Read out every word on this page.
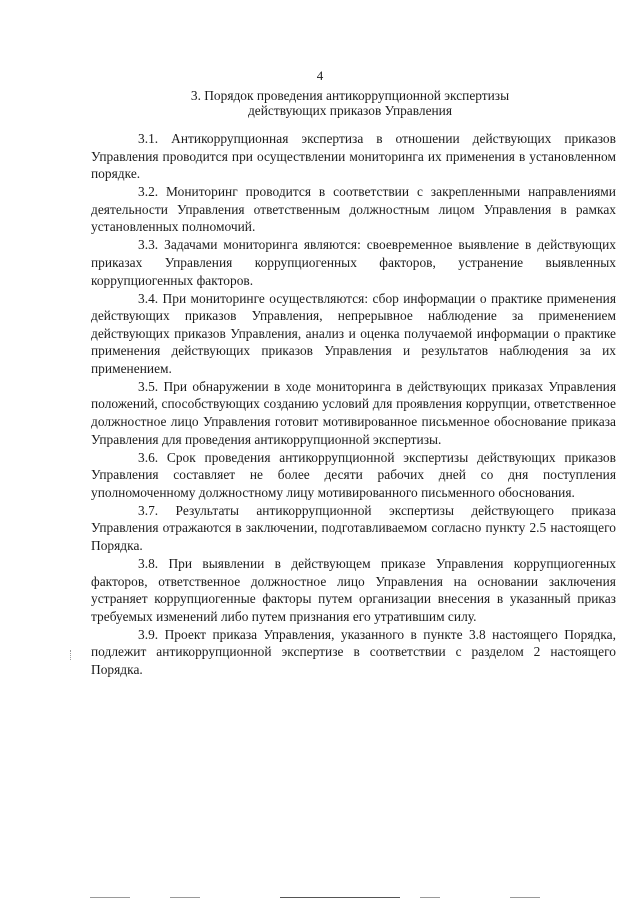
4
3. Порядок проведения антикоррупционной экспертизы
действующих приказов Управления

3.1. Антикоррупционная экспертиза в отношении действующих приказов Управления проводится при осуществлении мониторинга их применения в установленном порядке.

3.2. Мониторинг проводится в соответствии с закрепленными направлениями деятельности Управления ответственным должностным лицом Управления в рамках установленных полномочий.

3.3. Задачами мониторинга являются: своевременное выявление в действующих приказах Управления коррупциогенных факторов, устранение выявленных коррупциогенных факторов.

3.4. При мониторинге осуществляются: сбор информации о практике применения действующих приказов Управления, непрерывное наблюдение за применением действующих приказов Управления, анализ и оценка получаемой информации о практике применения действующих приказов Управления и результатов наблюдения за их применением.

3.5. При обнаружении в ходе мониторинга в действующих приказах Управления положений, способствующих созданию условий для проявления коррупции, ответственное должностное лицо Управления готовит мотивированное письменное обоснование приказа Управления для проведения антикоррупционной экспертизы.

3.6. Срок проведения антикоррупционной экспертизы действующих приказов Управления составляет не более десяти рабочих дней со дня поступления уполномоченному должностному лицу мотивированного письменного обоснования.

3.7. Результаты антикоррупционной экспертизы действующего приказа Управления отражаются в заключении, подготавливаемом согласно пункту 2.5 настоящего Порядка.

3.8. При выявлении в действующем приказе Управления коррупциогенных факторов, ответственное должностное лицо Управления на основании заключения устраняет коррупциогенные факторы путем организации внесения в указанный приказ требуемых изменений либо путем признания его утратившим силу.

3.9. Проект приказа Управления, указанного в пункте 3.8 настоящего Порядка, подлежит антикоррупционной экспертизе в соответствии с разделом 2 настоящего Порядка.
